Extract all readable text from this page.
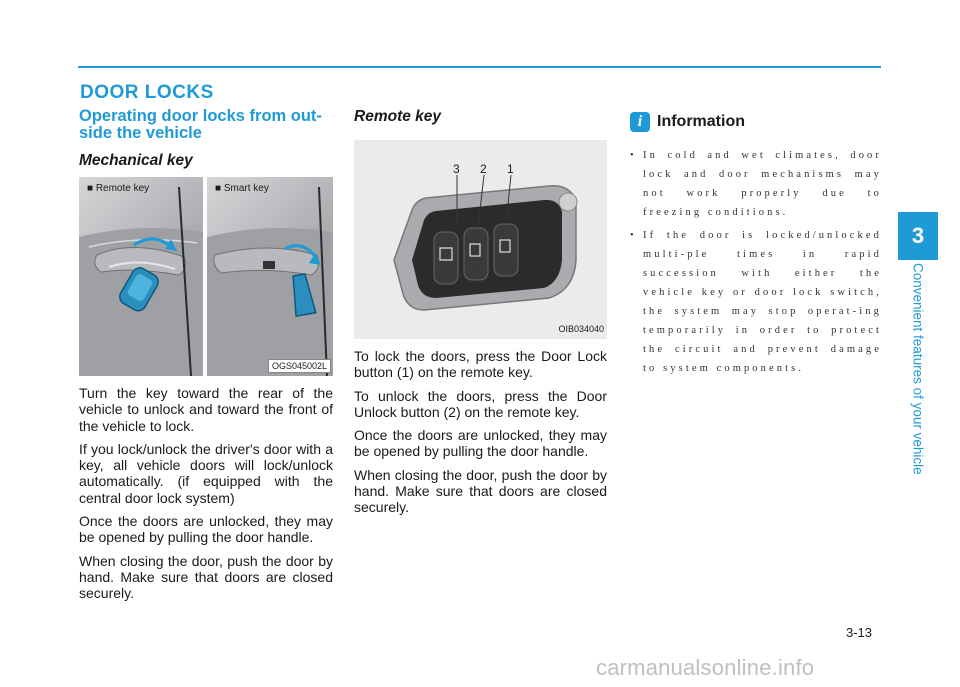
DOOR LOCKS
Operating door locks from out-
side the vehicle
Mechanical key
■ Remote key	■ Smart key
OGS045002L

Turn the key toward the rear of the vehicle to unlock and toward the front of the vehicle to lock.

If you lock/unlock the driver's door with a key, all vehicle doors will lock/unlock automatically. (if equipped with the central door lock system)

Once the doors are unlocked, they may be opened by pulling the door handle.

When closing the door, push the door by hand. Make sure that doors are closed securely.

Remote key
3 2 1
OIB034040

To lock the doors, press the Door Lock button (1) on the remote key.

To unlock the doors, press the Door Unlock button (2) on the remote key.

Once the doors are unlocked, they may be opened by pulling the door handle.

When closing the door, push the door by hand. Make sure that doors are closed securely.

i Information
• In cold and wet climates, door lock and door mechanisms may not work properly due to freezing conditions.
• If the door is locked/unlocked multi-ple times in rapid succession with either the vehicle key or door lock switch, the system may stop operat-ing temporarily in order to protect the circuit and prevent damage to system components.
3
Convenient features of your vehicle
3-13
carmanualsonline.info
